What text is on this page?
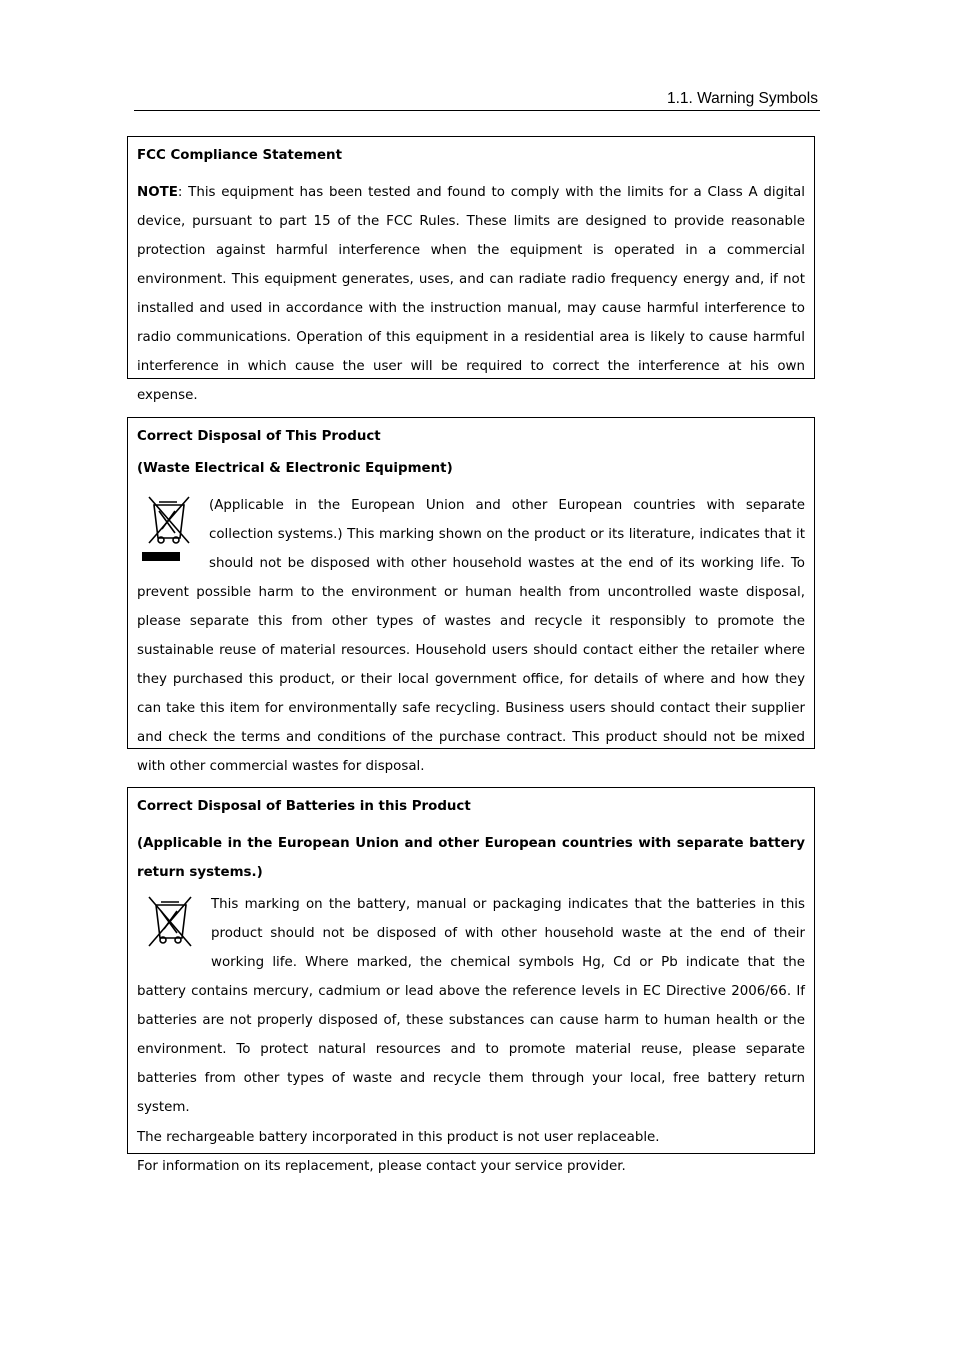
1.1. Warning Symbols

FCC Compliance Statement

NOTE: This equipment has been tested and found to comply with the limits for a Class A digital device, pursuant to part 15 of the FCC Rules. These limits are designed to provide reasonable protection against harmful interference when the equipment is operated in a commercial environment. This equipment generates, uses, and can radiate radio frequency energy and, if not installed and used in accordance with the instruction manual, may cause harmful interference to radio communications. Operation of this equipment in a residential area is likely to cause harmful interference in which cause the user will be required to correct the interference at his own expense.

Correct Disposal of This Product

(Waste Electrical & Electronic Equipment)

(Applicable in the European Union and other European countries with separate collection systems.) This marking shown on the product or its literature, indicates that it should not be disposed with other household wastes at the end of its working life. To prevent possible harm to the environment or human health from uncontrolled waste disposal, please separate this from other types of wastes and recycle it responsibly to promote the sustainable reuse of material resources. Household users should contact either the retailer where they purchased this product, or their local government office, for details of where and how they can take this item for environmentally safe recycling. Business users should contact their supplier and check the terms and conditions of the purchase contract. This product should not be mixed with other commercial wastes for disposal.

Correct Disposal of Batteries in this Product

(Applicable in the European Union and other European countries with separate battery return systems.)

This marking on the battery, manual or packaging indicates that the batteries in this product should not be disposed of with other household waste at the end of their working life. Where marked, the chemical symbols Hg, Cd or Pb indicate that the battery contains mercury, cadmium or lead above the reference levels in EC Directive 2006/66. If batteries are not properly disposed of, these substances can cause harm to human health or the environment. To protect natural resources and to promote material reuse, please separate batteries from other types of waste and recycle them through your local, free battery return system.

The rechargeable battery incorporated in this product is not user replaceable.

For information on its replacement, please contact your service provider.
